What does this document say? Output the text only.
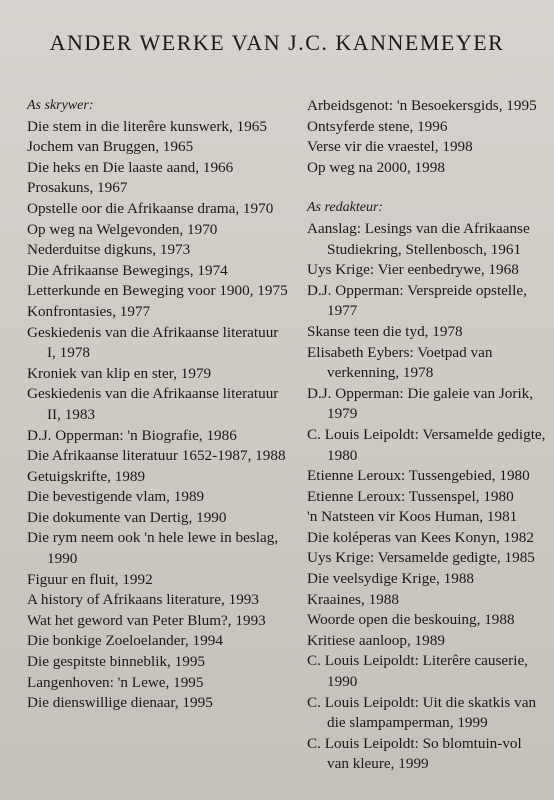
ANDER WERKE VAN J.C. KANNEMEYER

As skrywer:

Die stem in die literêre kunswerk, 1965

Jochem van Bruggen, 1965

Die heks en Die laaste aand, 1966

Prosakuns, 1967

Opstelle oor die Afrikaanse drama, 1970

Op weg na Welgevonden, 1970

Nederduitse digkuns, 1973

Die Afrikaanse Bewegings, 1974

Letterkunde en Beweging voor 1900, 1975

Konfrontasies, 1977

Geskiedenis van die Afrikaanse literatuur I, 1978

Kroniek van klip en ster, 1979

Geskiedenis van die Afrikaanse literatuur II, 1983

D.J. Opperman: 'n Biografie, 1986

Die Afrikaanse literatuur 1652-1987, 1988

Getuigskrifte, 1989

Die bevestigende vlam, 1989

Die dokumente van Dertig, 1990

Die rym neem ook 'n hele lewe in beslag, 1990

Figuur en fluit, 1992

A history of Afrikaans literature, 1993

Wat het geword van Peter Blum?, 1993

Die bonkige Zoeloelander, 1994

Die gespitste binneblik, 1995

Langenhoven: 'n Lewe, 1995

Die dienswillige dienaar, 1995

Arbeidsgenot: 'n Besoekersgids, 1995

Ontsyferde stene, 1996

Verse vir die vraestel, 1998

Op weg na 2000, 1998

As redakteur:

Aanslag: Lesings van die Afrikaanse Studiekring, Stellenbosch, 1961

Uys Krige: Vier eenbedrywe, 1968

D.J. Opperman: Verspreide opstelle, 1977

Skanse teen die tyd, 1978

Elisabeth Eybers: Voetpad van verkenning, 1978

D.J. Opperman: Die galeie van Jorik, 1979

C. Louis Leipoldt: Versamelde gedigte, 1980

Etienne Leroux: Tussengebied, 1980

Etienne Leroux: Tussenspel, 1980

'n Natsteen vir Koos Human, 1981

Die koléperas van Kees Konyn, 1982

Uys Krige: Versamelde gedigte, 1985

Die veelsydige Krige, 1988

Kraaines, 1988

Woorde open die beskouing, 1988

Kritiese aanloop, 1989

C. Louis Leipoldt: Literêre causerie, 1990

C. Louis Leipoldt: Uit die skatkis van die slampamperman, 1999

C. Louis Leipoldt: So blomtuin-vol van kleure, 1999
